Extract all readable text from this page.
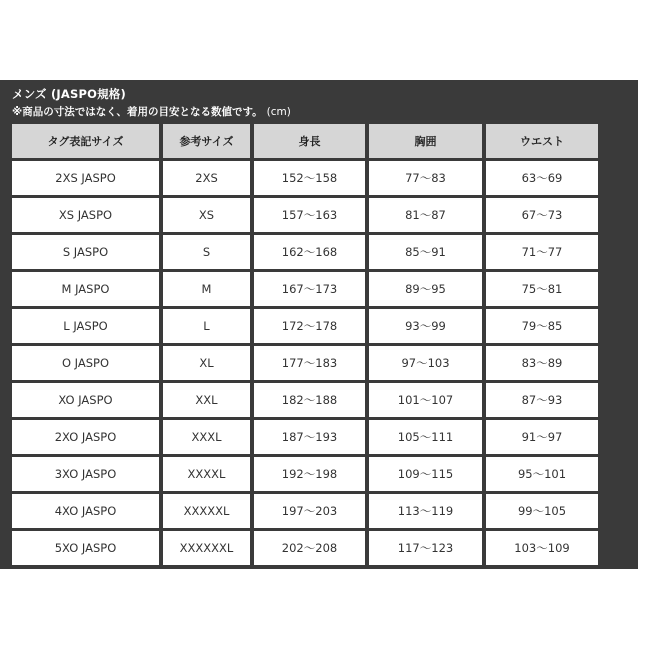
メンズ (JASPO規格)
※商品の寸法ではなく、着用の目安となる数値です。 (cm)
タグ表記サイズ	参考サイズ	身長	胸囲	ウエスト
2XS JASPO	2XS	152〜158	77〜83	63〜69
XS JASPO	XS	157〜163	81〜87	67〜73
S JASPO	S	162〜168	85〜91	71〜77
M JASPO	M	167〜173	89〜95	75〜81
L JASPO	L	172〜178	93〜99	79〜85
O JASPO	XL	177〜183	97〜103	83〜89
XO JASPO	XXL	182〜188	101〜107	87〜93
2XO JASPO	XXXL	187〜193	105〜111	91〜97
3XO JASPO	XXXXL	192〜198	109〜115	95〜101
4XO JASPO	XXXXXL	197〜203	113〜119	99〜105
5XO JASPO	XXXXXXL	202〜208	117〜123	103〜109
